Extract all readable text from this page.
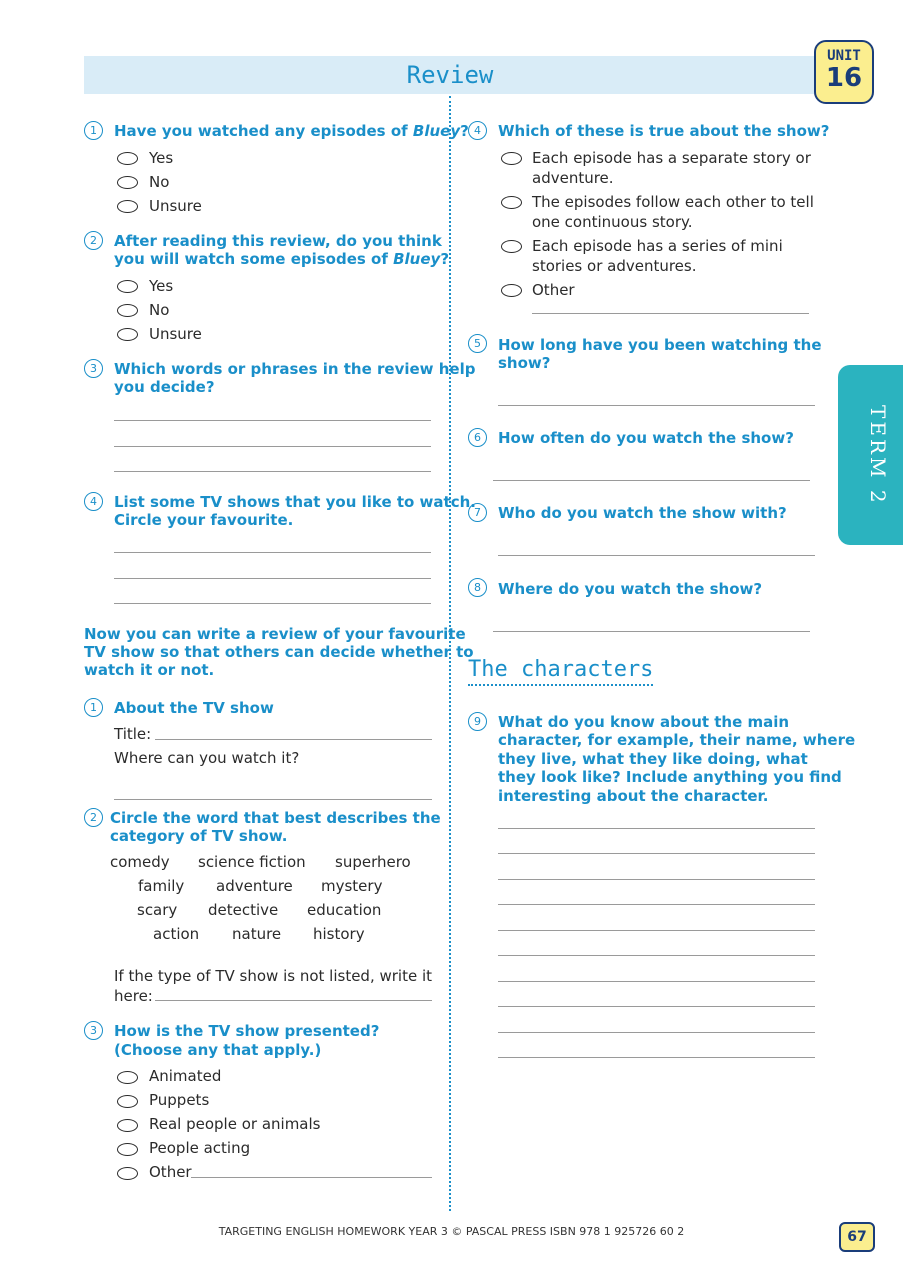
Review
UNIT
16
TERM 2
1	Have you watched any episodes of Bluey?
Yes
No
Unsure
2	After reading this review, do you think
you will watch some episodes of Bluey?
Yes
No
Unsure
3	Which words or phrases in the review help
you decide?
4	List some TV shows that you like to watch.
Circle your favourite.
Now you can write a review of your favourite
TV show so that others can decide whether to
watch it or not.
1	About the TV show
Title:
Where can you watch it?
2 Circle the word that best describes the
category of TV show.
comedy science fiction superhero
family adventure mystery
scary detective education
action nature history
If the type of TV show is not listed, write it
here:
3	How is the TV show presented?
(Choose any that apply.)
Animated
Puppets
Real people or animals
People acting
Other
4	Which of these is true about the show?
Each episode has a separate story or
adventure.
The episodes follow each other to tell
one continuous story.
Each episode has a series of mini
stories or adventures.
Other
5	How long have you been watching the
show?
6	How often do you watch the show?
7	Who do you watch the show with?
8	Where do you watch the show?
The characters
9	What do you know about the main
character, for example, their name, where
they live, what they like doing, what
they look like? Include anything you find
interesting about the character.
TARGETING ENGLISH HOMEWORK YEAR 3 © PASCAL PRESS ISBN 978 1 925726 60 2	67
